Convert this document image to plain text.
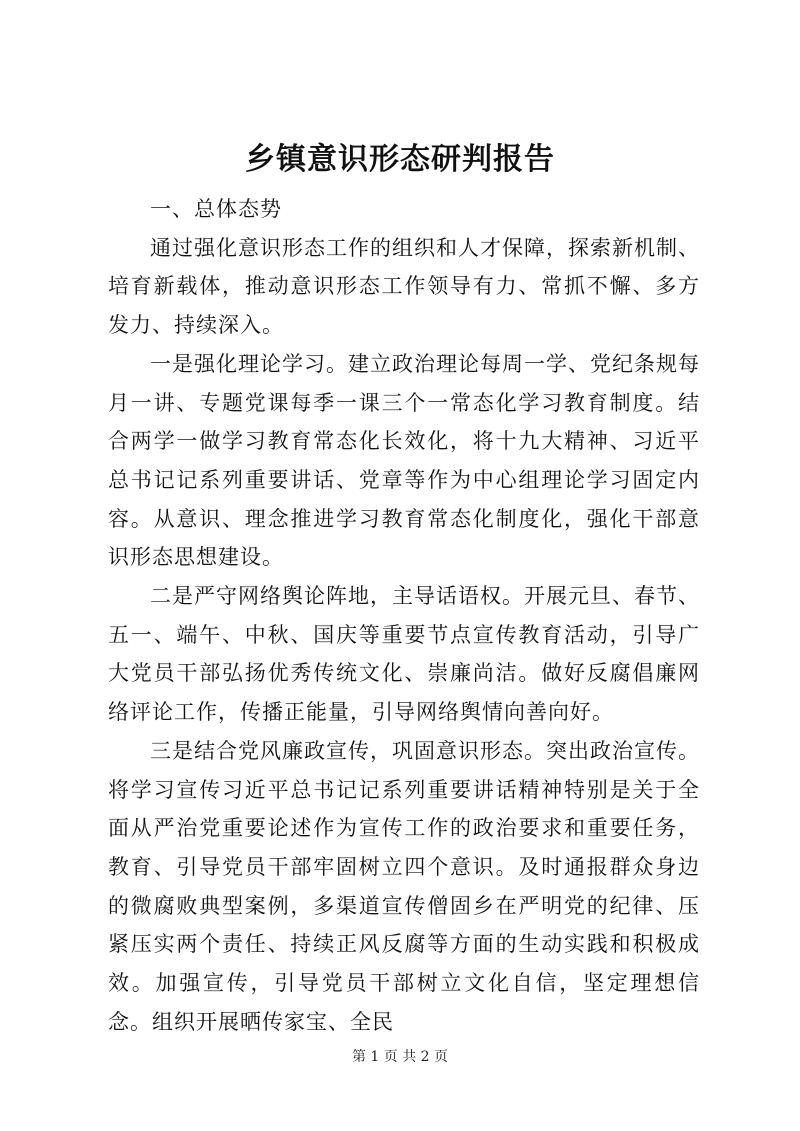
乡镇意识形态研判报告

一、总体态势

通过强化意识形态工作的组织和人才保障，探索新机制、培育新载体，推动意识形态工作领导有力、常抓不懈、多方发力、持续深入。

一是强化理论学习。建立政治理论每周一学、党纪条规每月一讲、专题党课每季一课三个一常态化学习教育制度。结合两学一做学习教育常态化长效化，将十九大精神、习近平总书记记系列重要讲话、党章等作为中心组理论学习固定内容。从意识、理念推进学习教育常态化制度化，强化干部意识形态思想建设。

二是严守网络舆论阵地，主导话语权。开展元旦、春节、五一、端午、中秋、国庆等重要节点宣传教育活动，引导广大党员干部弘扬优秀传统文化、崇廉尚洁。做好反腐倡廉网络评论工作，传播正能量，引导网络舆情向善向好。

三是结合党风廉政宣传，巩固意识形态。突出政治宣传。将学习宣传习近平总书记记系列重要讲话精神特别是关于全面从严治党重要论述作为宣传工作的政治要求和重要任务，教育、引导党员干部牢固树立四个意识。及时通报群众身边的微腐败典型案例，多渠道宣传僧固乡在严明党的纪律、压紧压实两个责任、持续正风反腐等方面的生动实践和积极成效。加强宣传，引导党员干部树立文化自信，坚定理想信念。组织开展晒传家宝、全民

第 1 页 共 2 页
